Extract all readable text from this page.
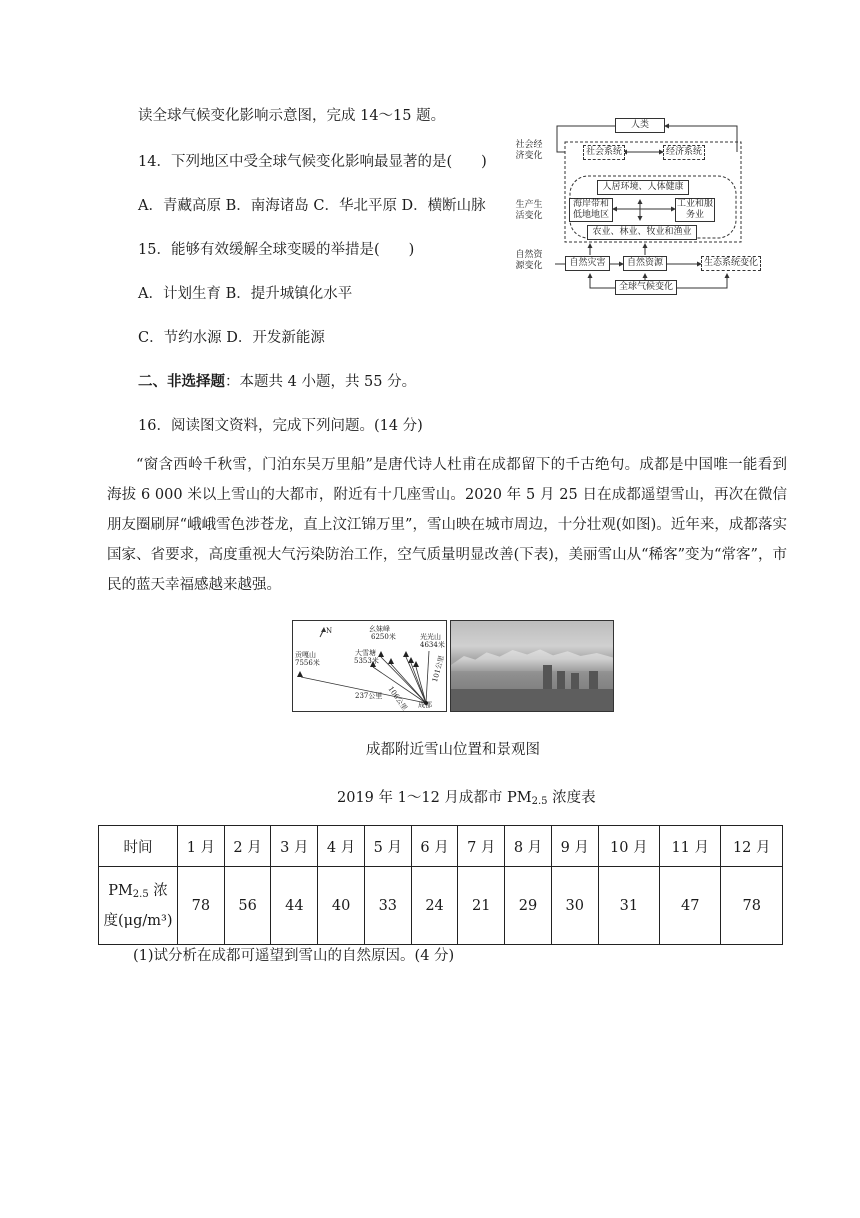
读全球气候变化影响示意图，完成 14～15 题。
14．下列地区中受全球气候变化影响最显著的是(　　)
A．青藏高原 B．南海诸岛 C．华北平原 D．横断山脉
15．能够有效缓解全球变暖的举措是(　　)
A．计划生育 B．提升城镇化水平
C．节约水源 D．开发新能源
二、非选择题：本题共 4 小题，共 55 分。
16．阅读图文资料，完成下列问题。(14 分)
社会经济变化
生产生活变化
自然资源变化
人类
社会系统	经济系统
人居环境、人体健康
海岸带和低地地区
工业和服务业
农业、林业、牧业和渔业
自然灾害	自然资源	生态系统变化
全球气候变化
“窗含西岭千秋雪，门泊东吴万里船”是唐代诗人杜甫在成都留下的千古绝句。成都是中国唯一能看到海拔 6 000 米以上雪山的大都市，附近有十几座雪山。2020 年 5 月 25 日在成都遥望雪山，再次在微信朋友圈刷屏“峨峨雪色涉苍龙，直上汶江锦万里”，雪山映在城市周边，十分壮观(如图)。近年来，成都落实国家、省要求，高度重视大气污染防治工作，空气质量明显改善(下表)，美丽雪山从“稀客”变为“常客”，市民的蓝天幸福感越来越强。
N	幺妹峰
6250米
贡嘎山
7556米
大雪塘
5353米
光光山
4634米
237公里 106公里
101公里
成都
成都附近雪山位置和景观图
2019 年 1～12 月成都市 $PM_{2.5}$ 浓度表
时间	1 月	2 月	3 月	4 月	5 月	6 月	7 月	8 月	9 月	10 月	11 月	12 月
$PM_{2.5}$ 浓
度(μg/m³)	78	56	44	40	33	24	21	29	30	31	47	78
(1)试分析在成都可遥望到雪山的自然原因。(4 分)
